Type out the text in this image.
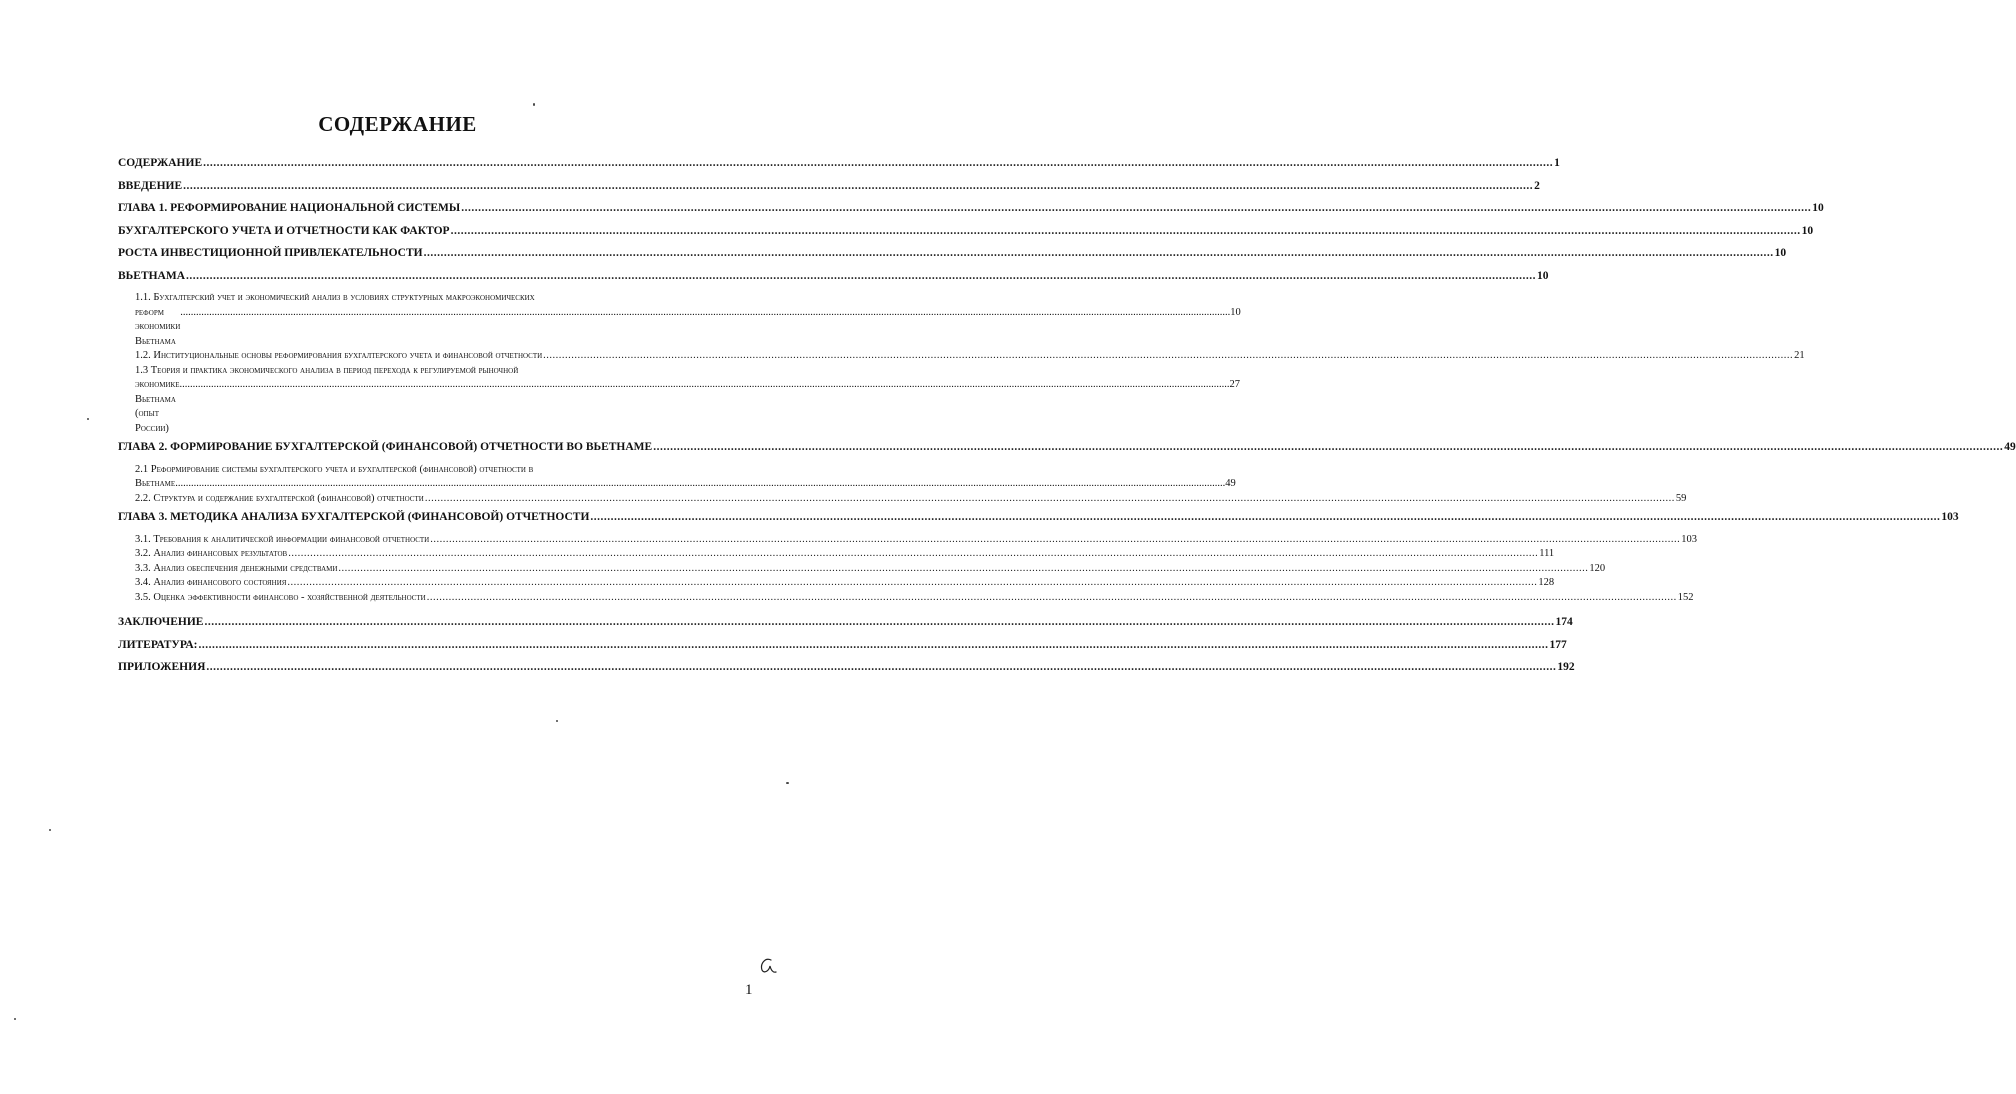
СОДЕРЖАНИЕ
СОДЕРЖАНИЕ ................................................................................................................................................................................................................................................................................................................................................................................................................ 1
ВВЕДЕНИЕ ................................................................................................................................................................................................................................................................................................................................................................................................................ 2
ГЛАВА 1. РЕФОРМИРОВАНИЕ НАЦИОНАЛЬНОЙ СИСТЕМЫ ................................................................................................................................................................................................................................................................................................................................................................................................................ 10
БУХГАЛТЕРСКОГО УЧЕТА И ОТЧЕТНОСТИ КАК ФАКТОР ................................................................................................................................................................................................................................................................................................................................................................................................................ 10
РОСТА ИНВЕСТИЦИОННОЙ ПРИВЛЕКАТЕЛЬНОСТИ ................................................................................................................................................................................................................................................................................................................................................................................................................ 10
ВЬЕТНАМА ................................................................................................................................................................................................................................................................................................................................................................................................................ 10
1.1. Бухгалтерский учет и экономический анализ в условиях структурных макроэкономических
реформ экономики Вьетнама
................................................................................................................................................................................................................................................................................................................................................................................................................ 10
1.2. Институциональные основы реформирования бухгалтерского учета и финансовой отчетности ................................................................................................................................................................................................................................................................................................................................................................................................................ 21
1.3 Теория и практика экономического анализа в период перехода к регулируемой рыночной
экономике Вьетнама (опыт России)
................................................................................................................................................................................................................................................................................................................................................................................................................ 27
ГЛАВА 2. ФОРМИРОВАНИЕ БУХГАЛТЕРСКОЙ (ФИНАНСОВОЙ) ОТЧЕТНОСТИ ВО ВЬЕТНАМЕ ................................................................................................................................................................................................................................................................................................................................................................................................................ 49
2.1 Реформирование системы бухгалтерского учета и бухгалтерской (финансовой) отчетности в
Вьетнаме ................................................................................................................................................................................................................................................................................................................................................................................................................ 49
2.2. Структура и содержание бухгалтерской (финансовой) отчетности ................................................................................................................................................................................................................................................................................................................................................................................................................ 59
ГЛАВА 3. МЕТОДИКА АНАЛИЗА БУХГАЛТЕРСКОЙ (ФИНАНСОВОЙ) ОТЧЕТНОСТИ ................................................................................................................................................................................................................................................................................................................................................................................................................ 103
3.1. Требования к аналитической информации финансовой отчетности ................................................................................................................................................................................................................................................................................................................................................................................................................ 103
3.2. Анализ финансовых результатов ................................................................................................................................................................................................................................................................................................................................................................................................................ 111
3.3. Анализ обеспечения денежными средствами ................................................................................................................................................................................................................................................................................................................................................................................................................ 120
3.4. Анализ финансового состояния ................................................................................................................................................................................................................................................................................................................................................................................................................ 128
3.5. Оценка эффективности финансово - хозяйственной деятельности ................................................................................................................................................................................................................................................................................................................................................................................................................ 152
ЗАКЛЮЧЕНИЕ ................................................................................................................................................................................................................................................................................................................................................................................................................ 174
ЛИТЕРАТУРА: ................................................................................................................................................................................................................................................................................................................................................................................................................ 177
ПРИЛОЖЕНИЯ ................................................................................................................................................................................................................................................................................................................................................................................................................ 192
1
